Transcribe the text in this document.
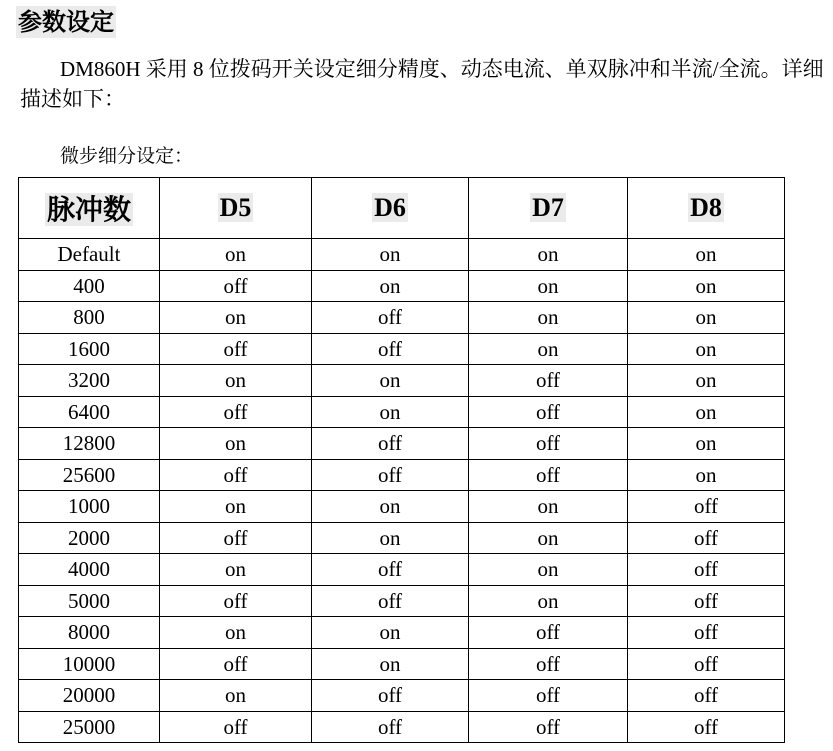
参数设定

DM860H 采用 8 位拨码开关设定细分精度、动态电流、单双脉冲和半流/全流。详细描述如下：

微步细分设定：
脉冲数	D5	D6	D7	D8
Default	on	on	on	on
400	off	on	on	on
800	on	off	on	on
1600	off	off	on	on
3200	on	on	off	on
6400	off	on	off	on
12800	on	off	off	on
25600	off	off	off	on
1000	on	on	on	off
2000	off	on	on	off
4000	on	off	on	off
5000	off	off	on	off
8000	on	on	off	off
10000	off	on	off	off
20000	on	off	off	off
25000	off	off	off	off
